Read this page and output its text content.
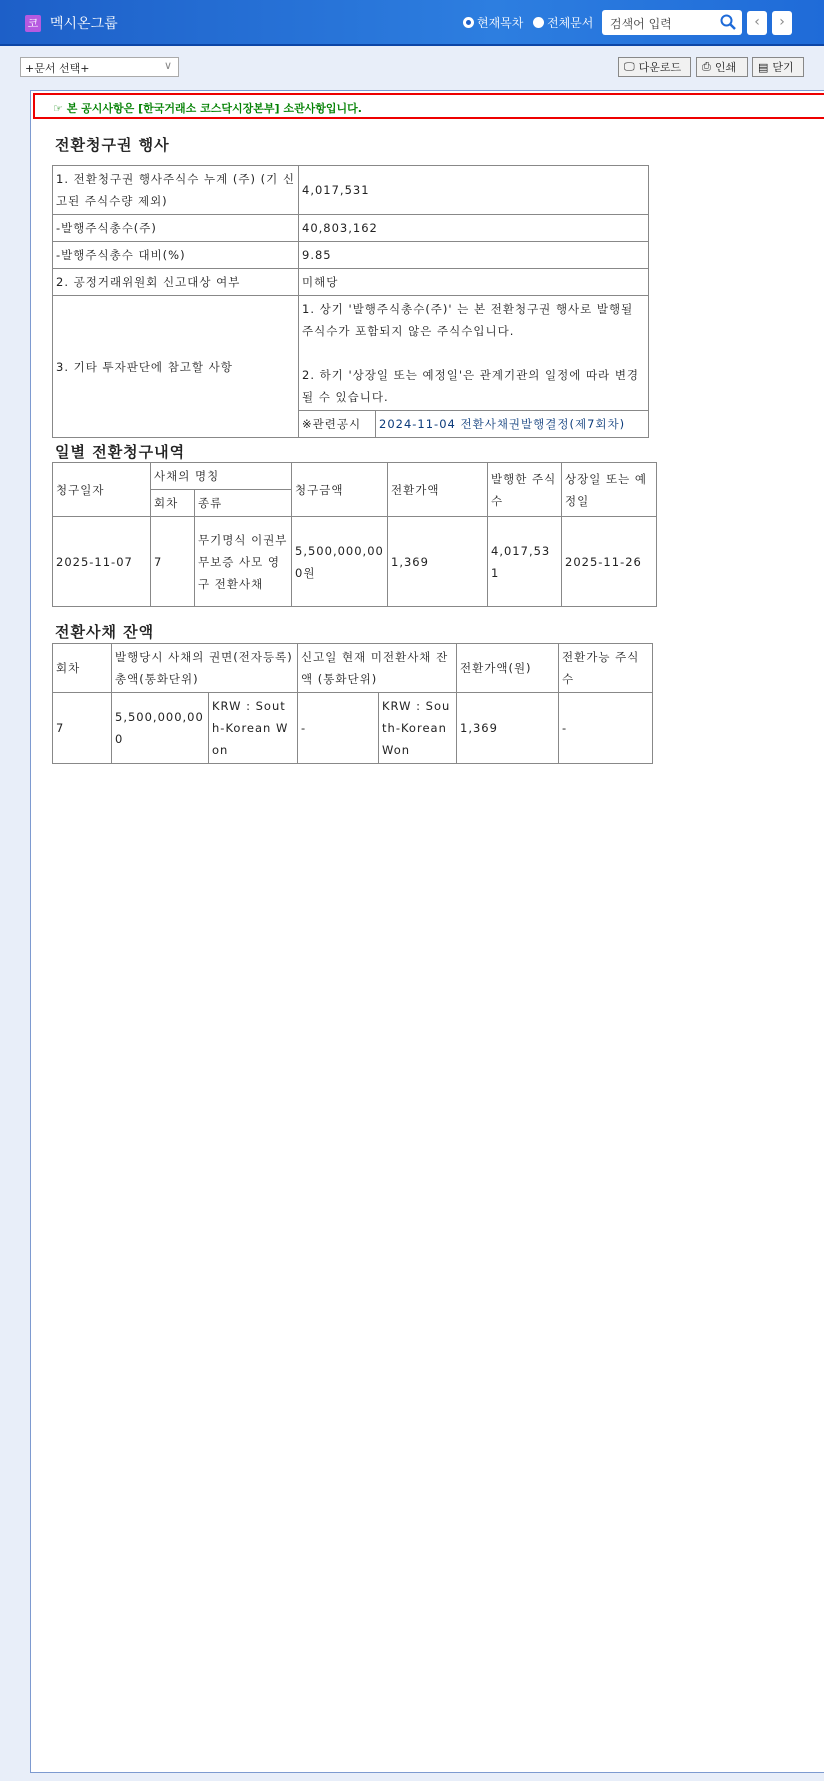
코 멕시온그룹	현재목차 전체문서	검색어 입력	‹	›
+문서 선택+	∨	🖵 다운로드 ⎙ 인쇄 ▤ 닫기
☞ 본 공시사항은 [한국거래소 코스닥시장본부] 소관사항입니다.
전환청구권 행사
1. 전환청구권 행사주식수 누계 (주) (기 신고된 주식수량 제외)	4,017,531	
-발행주식총수(주)	40,803,162	
-발행주식총수 대비(%)	9.85	
2. 공정거래위원회 신고대상 여부	미해당	
3. 기타 투자판단에 참고할 사항	1. 상기 '발행주식총수(주)' 는 본 전환청구권 행사로 발행될 주식수가 포함되지 않은 주식수입니다.
2. 하기 '상장일 또는 예정일'은 관계기관의 일정에 따라 변경될 수 있습니다.	

	※관련공시	2024-11-04 전환사채권발행결정(제7회차)
일별 전환청구내역
청구일자	사채의 명칭		청구금액	전환가액	발행한 주식수	상장일 또는 예정일
	회차	종류				
2025-11-07	7	무기명식 이권부 무보증 사모 영구 전환사채	5,500,000,000원	1,369	4,017,531	2025-11-26
전환사채 잔액
회차	발행당시 사채의 권면(전자등록)총액(통화단위)		신고일 현재 미전환사채 잔액 (통화단위)		전환가액(원)	전환가능 주식수
7	5,500,000,000	KRW : South-Korean Won	-	KRW : South-Korean Won	1,369	-
